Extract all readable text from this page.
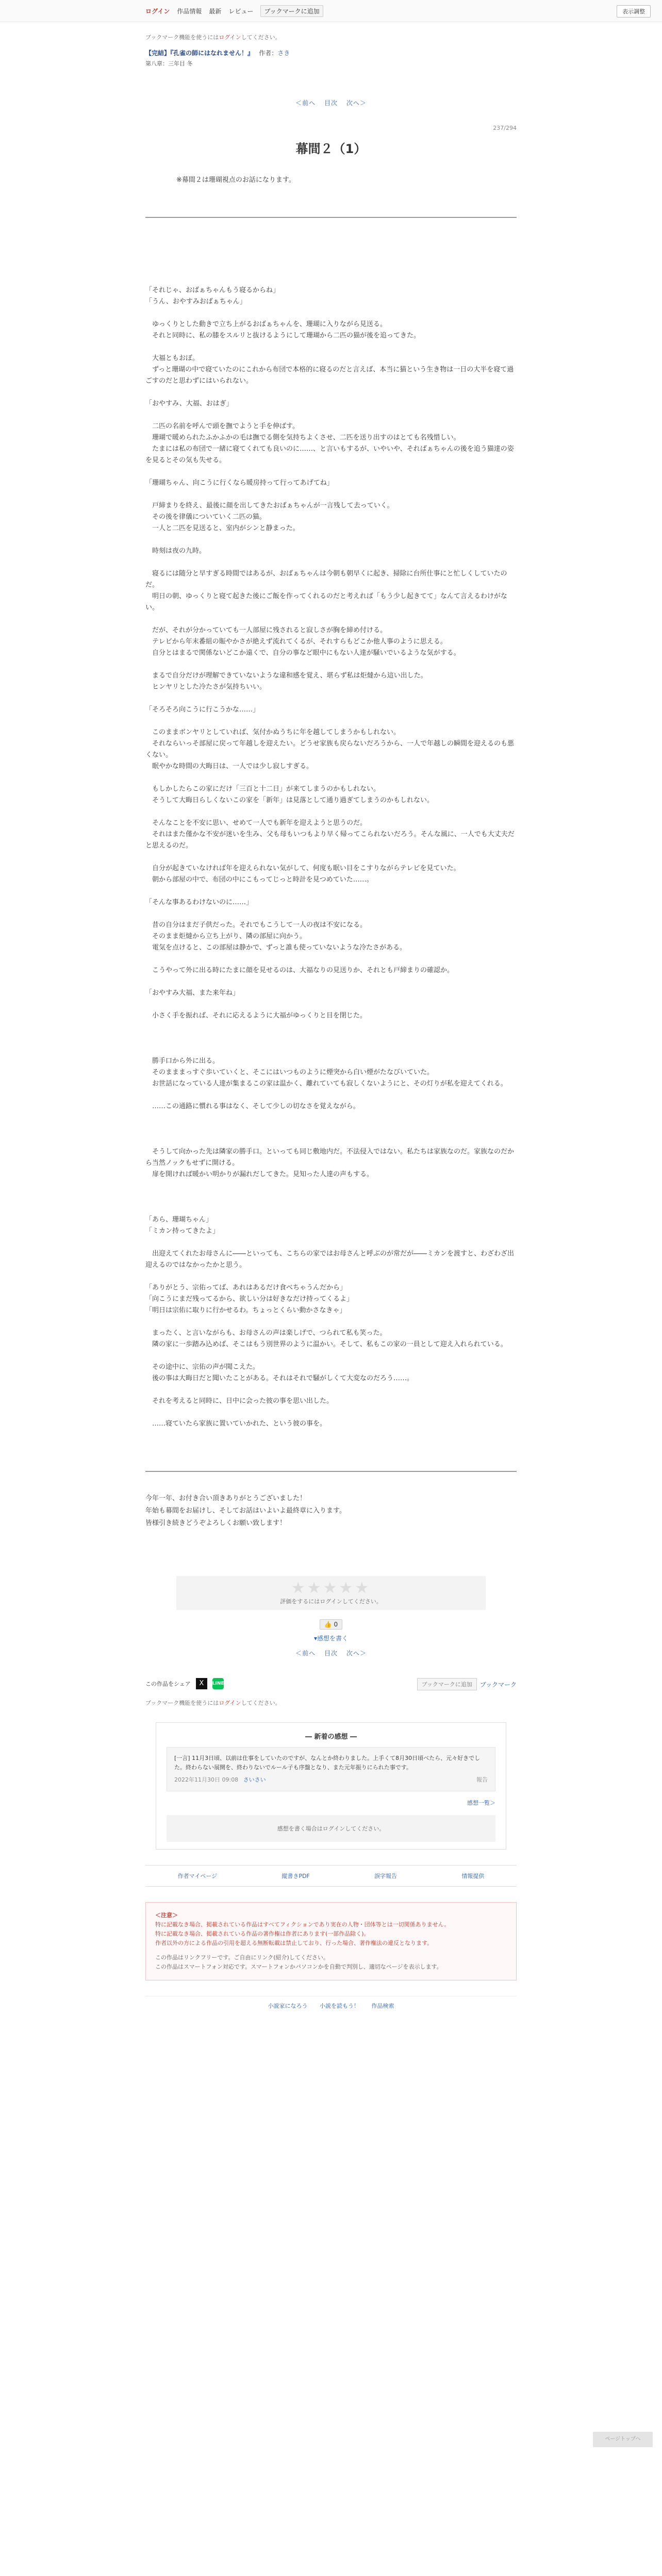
ログイン 作品情報 最新 レビュー	ブックマークに追加	表示調整
ブックマーク機能を使うにはログインしてください。
【完結】『孔雀の師にはなれません！』 作者：さき
第八章：三年目 冬
＜前へ 目次 次へ＞
237/294
幕間２（1）
※幕間２は珊瑚視点のお話になります。
「それじゃ、おばぁちゃんもう寝るからね」
「うん、おやすみおばぁちゃん」

　ゆっくりとした動きで立ち上がるおばぁちゃんを、珊瑚に入りながら見送る。
　それと同時に、私の膝をスルリと抜けるようにして珊瑚から二匹の猫が後を追ってきた。

　大福ともおぼ。
　ずっと珊瑚の中で寝ていたのにこれから布団で本格的に寝るのだと言えば、本当に猫という生き物は一日の大半を寝て過ごすのだと思わずにはいられない。

「おやすみ、大福、おはぎ」

　二匹の名前を呼んで頭を撫でようと手を伸ばす。
　珊瑚で暖められたふかふかの毛は撫でる側を気持ちよくさせ、二匹を送り出すのはとても名残惜しい。
　たまには私の布団で一緒に寝てくれても良いのに……、と言いもするが、いやいや、そればぁちゃんの後を追う猫達の姿を見るとその気も失せる。

「珊瑚ちゃん、向こうに行くなら暖房持って行ってあげてね」

　戸締まりを終え、最後に顔を出してきたおばぁちゃんが一言残して去っていく。
　その後を律儀についていく二匹の猫。
　一人と二匹を見送ると、室内がシンと静まった。

　時刻は夜の九時。

　寝るには随分と早すぎる時間ではあるが、おばぁちゃんは今朝も朝早くに起き、掃除に台所仕事にと忙しくしていたのだ。
　明日の朝、ゆっくりと寝て起きた後にご飯を作ってくれるのだと考えれば「もう少し起きてて」なんて言えるわけがない。

　だが、それが分かっていても一人部屋に残されると寂しさが胸を締め付ける。
　テレビから年末番組の賑やかさが絶えず流れてくるが、それすらもどこか他人事のように思える。
　自分とはまるで関係ないどこか遠くで、自分の事など眼中にもない人達が騒いでいるような気がする。

　まるで自分だけが理解できていないような違和感を覚え、堪らず私は炬燵から這い出した。
　ヒンヤリとした冷たさが気持ちいい。

「そろそろ向こうに行こうかな……」

　このままボンヤリとしていれば、気付かぬうちに年を越してしまうかもしれない。
　それならいっそ部屋に戻って年越しを迎えたい。どうせ家族も戻らないだろうから、一人で年越しの瞬間を迎えるのも悪くない。
　眠やかな時間の大晦日は、一人では少し寂しすぎる。

　もしかしたらこの家にだけ「三百と十二日」が来てしまうのかもしれない。
　そうして大晦日らしくないこの家を「新年」は見落として通り過ぎてしまうのかもしれない。

　そんなことを不安に思い、せめて一人でも新年を迎えようと思うのだ。
　それはまた僅かな不安が迷いを生み、父も母もいつもより早く帰ってこられないだろう。そんな風に、一人でも大丈夫だと思えるのだ。

　自分が起きていなければ年を迎えられない気がして、何度も眠い目をこすりながらテレビを見ていた。
　朝から部屋の中で、布団の中にこもってじっと時計を見つめていた……。

「そんな事あるわけないのに……」

　昔の自分はまだ子供だった。それでもこうして一人の夜は不安になる。
　そのまま炬燵から立ち上がり、隣の部屋に向かう。
　電気を点けると、この部屋は静かで、ずっと誰も使っていないような冷たさがある。

　こうやって外に出る時にたまに顔を見せるのは、大福なりの見送りか、それとも戸締まりの確認か。

「おやすみ大福、また来年ね」

　小さく手を振れば、それに応えるように大福がゆっくりと目を閉じた。

　勝手口から外に出る。
　そのまままっすぐ歩いていくと、そこにはいつものように煙突から白い煙がたなびいていた。
　お世話になっている人達が集まるこの家は温かく、離れていても寂しくないようにと、その灯りが私を迎えてくれる。

　……この通路に慣れる事はなく、そして少しの切なさを覚えながら。

　そうして向かった先は隣家の勝手口。といっても同じ敷地内だ。不法侵入ではない。私たちは家族なのだ。家族なのだから当然ノックもせずに開ける。
　扉を開ければ暖かい明かりが漏れだしてきた。見知った人達の声もする。

「あら、珊瑚ちゃん」
「ミカン持ってきたよ」

　出迎えてくれたお母さんに――といっても、こちらの家ではお母さんと呼ぶのが常だが――ミカンを渡すと、わざわざ出迎えるのではなかったかと思う。

「ありがとう、宗佑ってば、あれはあるだけ食べちゃうんだから」
「向こうにまだ残ってるから、欲しい分は好きなだけ持ってくるよ」
「明日は宗佑に取りに行かせるわ。ちょっとくらい動かさなきゃ」

　まったく、と言いながらも、お母さんの声は楽しげで、つられて私も笑った。
　隣の家に一歩踏み込めば、そこはもう別世界のように温かい。そして、私もこの家の一員として迎え入れられている。

　その途中に、宗佑の声が聞こえた。
　後の事は大晦日だと聞いたことがある。それはそれで騒がしくて大変なのだろう……。

　それを考えると同時に、日中に会った彼の事を思い出した。

　……寝ていたら家族に置いていかれた、という彼の事を。
今年一年、お付き合い頂きありがとうございました！
年始も幕間をお届けし、そしてお話はいよいよ最終章に入ります。
皆様引き続きどうぞよろしくお願い致します！
★★★★★
評価をするにはログインしてください。
👍 0
▾感想を書く
＜前へ 目次 次へ＞
この作品をシェア	X	LINE	ブックマークに追加	ブックマーク
ブックマーク機能を使うにはログインしてください。
― 新着の感想 ―
[一言] 11月3日頃、以前は仕事をしていたのですが、なんとか終わりました。上手くて8月30日頃べたら、元々好きでした。終わらない展開を、終わりないでルール子も序盤となり、また元年振りにられた事です。
2022年11月30日 09:08 さいさい	報告
感想一覧＞
感想を書く場合はログインしてください。
作者マイページ	縦書きPDF	誤字報告	情報提供
＜注意＞
特に記載なき場合、掲載されている作品はすべてフィクションであり実在の人物・団体等とは一切関係ありません。
特に記載なき場合、掲載されている作品の著作権は作者にあります(一部作品除く)。
作者以外の方による作品の引用を超える無断転載は禁止しており、行った場合、著作権法の違反となります。
この作品はリンクフリーです。ご自由にリンク(紹介)してください。
この作品はスマートフォン対応です。スマートフォンかパソコンかを自動で判別し、適切なページを表示します。
小説家になろう 小説を読もう！ 作品検索
ページトップへ
